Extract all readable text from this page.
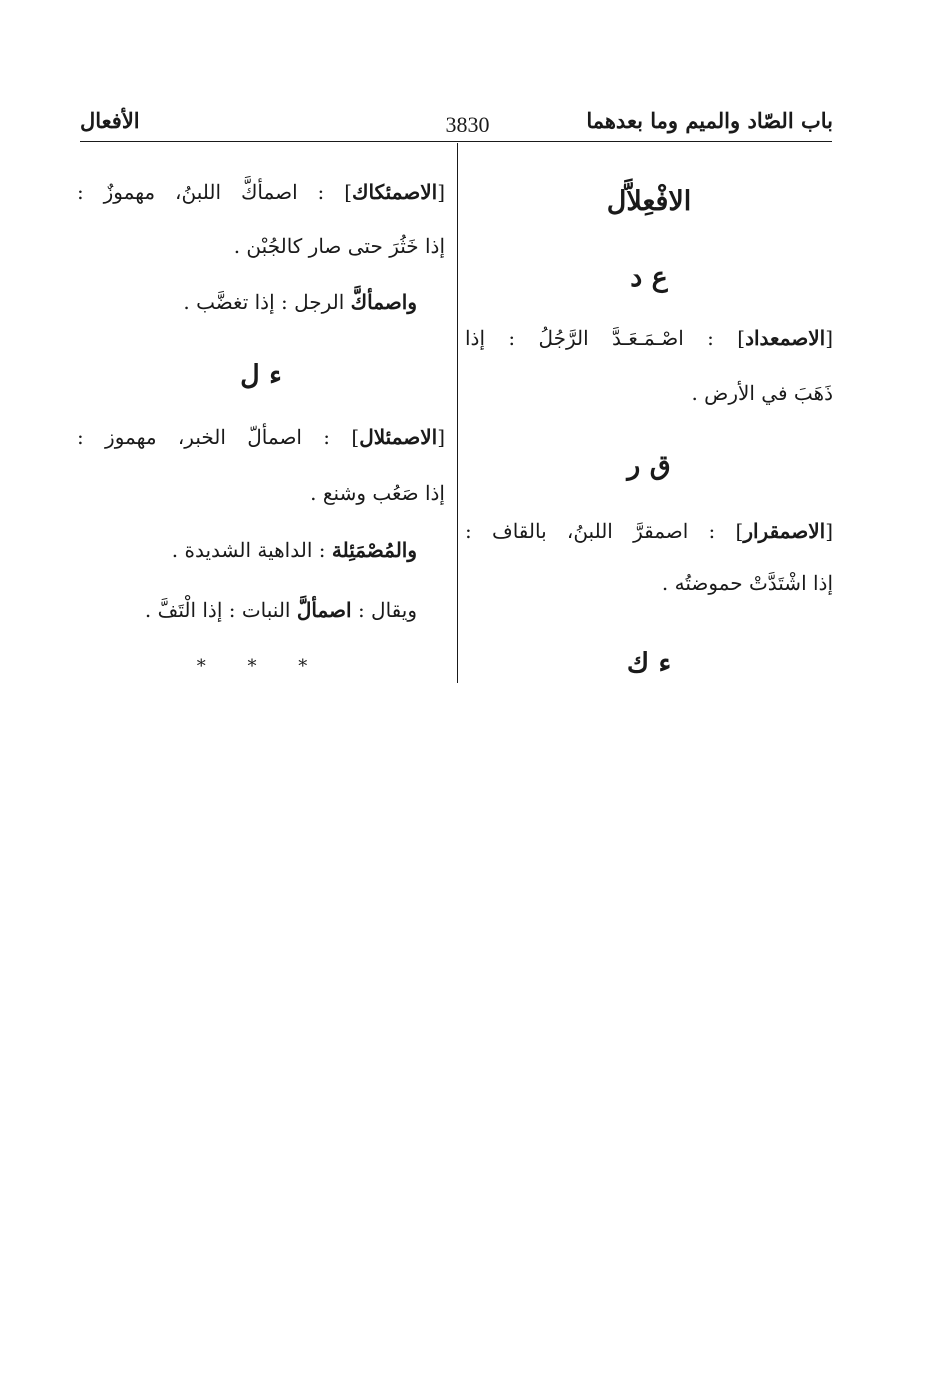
باب الصّاد والميم وما بعدهما
3830
الأفعال
الافْعِلاَّل
ع د
[الاصمعداد] : اصْـمَـعَـدَّ الرَّجُلُ : إذا
ذَهَبَ في الأرض .
ق ر
[الاصمقرار] : اصمقرَّ اللبنُ، بالقاف :
إذا اشْتَدَّتْ حموضتُه .
ء ك
[الاصمئكاك] : اصمأكَّ اللبنُ، مهموزٌ :
إذا خَثُرَ حتى صار كالجُبْن .
واصمأكَّ الرجل : إذا تغضَّب .
ء ل
[الاصمئلال] : اصمألّ الخبر، مهموز :
إذا صَعُب وشنع .
والمُصْمَئِلة : الداهية الشديدة .
ويقال : اصمألَّ النبات : إذا الْتَفَّ .
* * *
